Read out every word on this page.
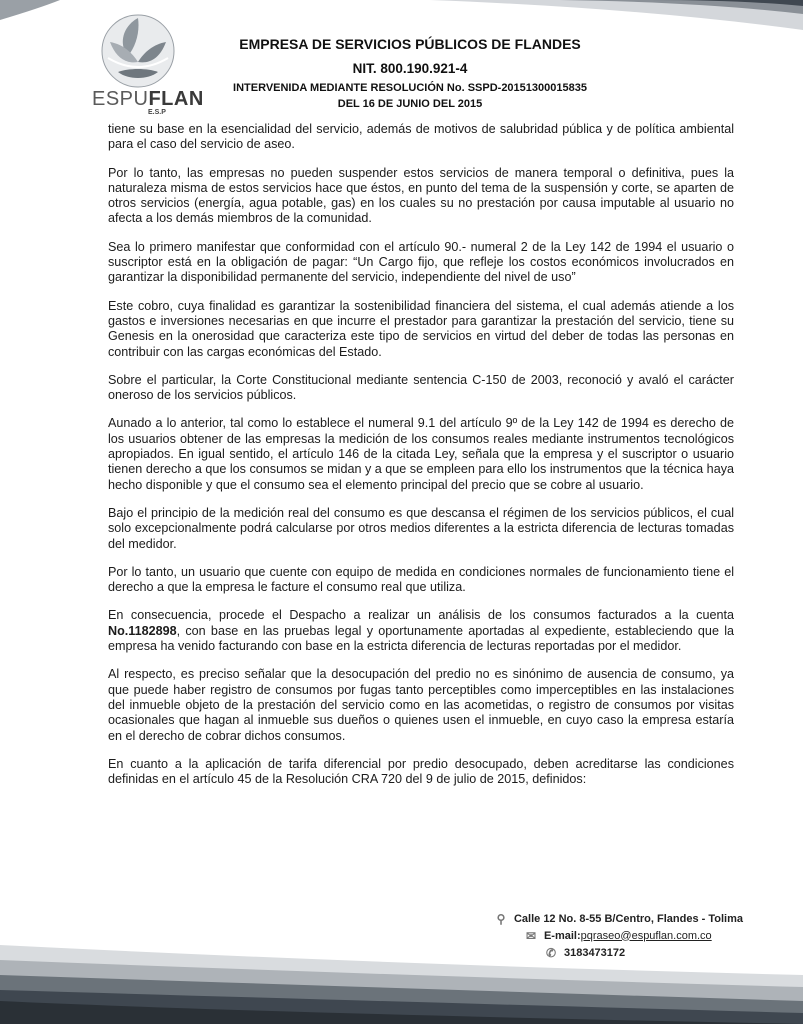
ESPUFLAN
E.S.P
EMPRESA DE SERVICIOS PÚBLICOS DE FLANDES
NIT. 800.190.921-4
INTERVENIDA MEDIANTE RESOLUCIÓN No. SSPD-20151300015835
DEL 16 DE JUNIO DEL 2015

tiene su base en la esencialidad del servicio, además de motivos de salubridad pública y de política ambiental para el caso del servicio de aseo.

Por lo tanto, las empresas no pueden suspender estos servicios de manera temporal o definitiva, pues la naturaleza misma de estos servicios hace que éstos, en punto del tema de la suspensión y corte, se aparten de otros servicios (energía, agua potable, gas) en los cuales su no prestación por causa imputable al usuario no afecta a los demás miembros de la comunidad.

Sea lo primero manifestar que conformidad con el artículo 90.- numeral 2 de la Ley 142 de 1994 el usuario o suscriptor está en la obligación de pagar: “Un Cargo fijo, que refleje los costos económicos involucrados en garantizar la disponibilidad permanente del servicio, independiente del nivel de uso”

Este cobro, cuya finalidad es garantizar la sostenibilidad financiera del sistema, el cual además atiende a los gastos e inversiones necesarias en que incurre el prestador para garantizar la prestación del servicio, tiene su Genesis en la onerosidad que caracteriza este tipo de servicios en virtud del deber de todas las personas en contribuir con las cargas económicas del Estado.

Sobre el particular, la Corte Constitucional mediante sentencia C-150 de 2003, reconoció y avaló el carácter oneroso de los servicios públicos.

Aunado a lo anterior, tal como lo establece el numeral 9.1 del artículo 9º de la Ley 142 de 1994 es derecho de los usuarios obtener de las empresas la medición de los consumos reales mediante instrumentos tecnológicos apropiados. En igual sentido, el artículo 146 de la citada Ley, señala que la empresa y el suscriptor o usuario tienen derecho a que los consumos se midan y a que se empleen para ello los instrumentos que la técnica haya hecho disponible y que el consumo sea el elemento principal del precio que se cobre al usuario.

Bajo el principio de la medición real del consumo es que descansa el régimen de los servicios públicos, el cual solo excepcionalmente podrá calcularse por otros medios diferentes a la estricta diferencia de lecturas tomadas del medidor.

Por lo tanto, un usuario que cuente con equipo de medida en condiciones normales de funcionamiento tiene el derecho a que la empresa le facture el consumo real que utiliza.

En consecuencia, procede el Despacho a realizar un análisis de los consumos facturados a la cuenta No.1182898, con base en las pruebas legal y oportunamente aportadas al expediente, estableciendo que la empresa ha venido facturando con base en la estricta diferencia de lecturas reportadas por el medidor.

Al respecto, es preciso señalar que la desocupación del predio no es sinónimo de ausencia de consumo, ya que puede haber registro de consumos por fugas tanto perceptibles como imperceptibles en las instalaciones del inmueble objeto de la prestación del servicio como en las acometidas, o registro de consumos por visitas ocasionales que hagan al inmueble sus dueños o quienes usen el inmueble, en cuyo caso la empresa estaría en el derecho de cobrar dichos consumos.

En cuanto a la aplicación de tarifa diferencial por predio desocupado, deben acreditarse las condiciones definidas en el artículo 45 de la Resolución CRA 720 del 9 de julio de 2015, definidos:

⚲ Calle 12 No. 8-55 B/Centro, Flandes - Tolima
✉ E-mail: pqraseo@espuflan.com.co
✆ 3183473172
